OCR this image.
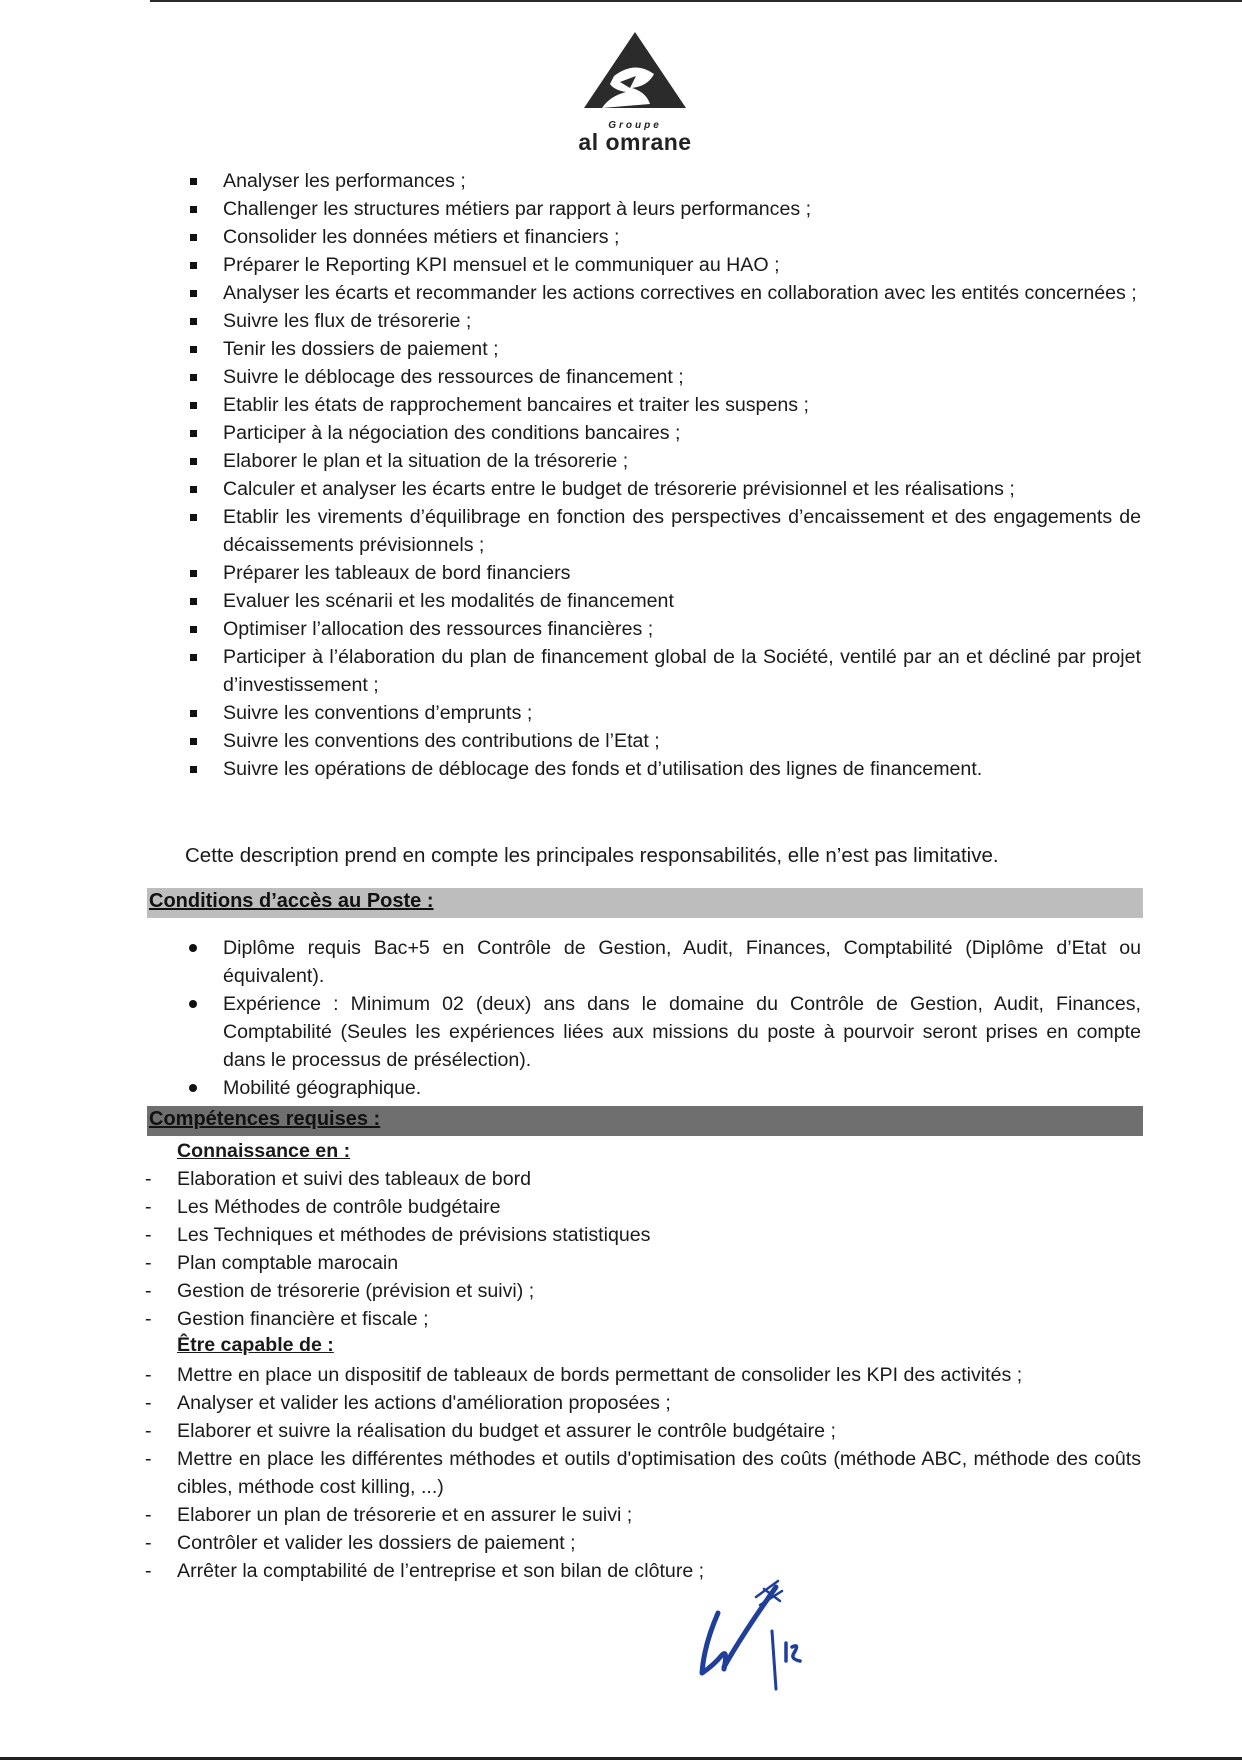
Groupe
al omrane
Analyser les performances ;
Challenger les structures métiers par rapport à leurs performances ;
Consolider les données métiers et financiers ;
Préparer le Reporting KPI mensuel et le communiquer au HAO ;
Analyser les écarts et recommander les actions correctives en collaboration avec les entités concernées ;
Suivre les flux de trésorerie ;
Tenir les dossiers de paiement ;
Suivre le déblocage des ressources de financement ;
Etablir les états de rapprochement bancaires et traiter les suspens ;
Participer à la négociation des conditions bancaires ;
Elaborer le plan et la situation de la trésorerie ;
Calculer et analyser les écarts entre le budget de trésorerie prévisionnel et les réalisations ;
Etablir les virements d’équilibrage en fonction des perspectives d’encaissement et des engagements de décaissements prévisionnels ;
Préparer les tableaux de bord financiers
Evaluer les scénarii et les modalités de financement
Optimiser l’allocation des ressources financières ;
Participer à l’élaboration du plan de financement global de la Société, ventilé par an et décliné par projet d’investissement ;
Suivre les conventions d’emprunts ;
Suivre les conventions des contributions de l’Etat ;
Suivre les opérations de déblocage des fonds et d’utilisation des lignes de financement.
Cette description prend en compte les principales responsabilités, elle n’est pas limitative.
Conditions d’accès au Poste :
Diplôme requis Bac+5 en Contrôle de Gestion, Audit, Finances, Comptabilité (Diplôme d’Etat ou équivalent).
Expérience : Minimum 02 (deux) ans dans le domaine du Contrôle de Gestion, Audit, Finances, Comptabilité (Seules les expériences liées aux missions du poste à pourvoir seront prises en compte dans le processus de présélection).
Mobilité géographique.
Compétences requises :
Connaissance en :
- Elaboration et suivi des tableaux de bord
- Les Méthodes de contrôle budgétaire
- Les Techniques et méthodes de prévisions statistiques
- Plan comptable marocain
- Gestion de trésorerie (prévision et suivi) ;
- Gestion financière et fiscale ;
Être capable de :
- Mettre en place un dispositif de tableaux de bords permettant de consolider les KPI des activités ;
- Analyser et valider les actions d'amélioration proposées ;
- Elaborer et suivre la réalisation du budget et assurer le contrôle budgétaire ;
- Mettre en place les différentes méthodes et outils d'optimisation des coûts (méthode ABC, méthode des coûts cibles, méthode cost killing, ...)
- Elaborer un plan de trésorerie et en assurer le suivi ;
- Contrôler et valider les dossiers de paiement ;
- Arrêter la comptabilité de l’entreprise et son bilan de clôture ;
